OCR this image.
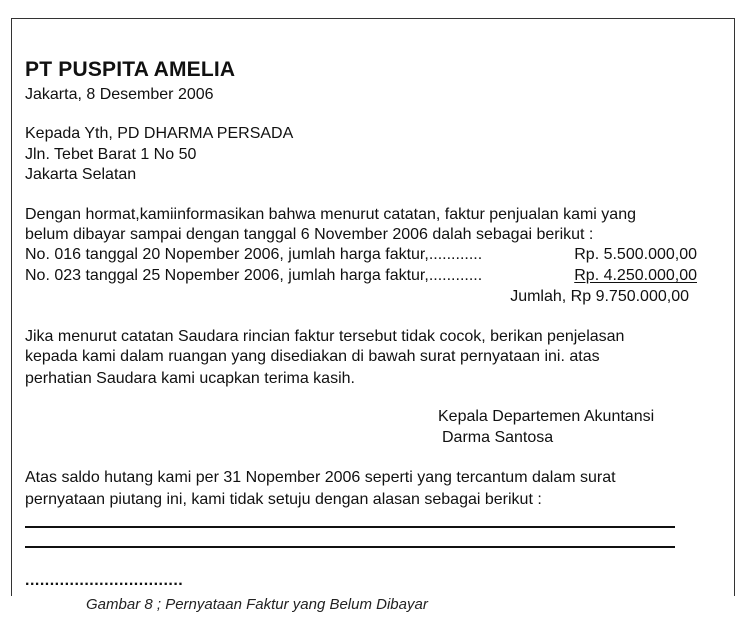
PT PUSPITA AMELIA
Jakarta, 8 Desember 2006
Kepada Yth, PD DHARMA PERSADA
Jln. Tebet Barat 1 No 50
Jakarta Selatan
Dengan hormat,kamiinformasikan bahwa menurut catatan, faktur penjualan kami yang
belum dibayar sampai dengan tanggal 6 November 2006 dalah sebagai berikut :
No. 016 tanggal 20 Nopember 2006, jumlah harga faktur,............	Rp. 5.500.000,00
No. 023 tanggal 25 Nopember 2006, jumlah harga faktur,............	Rp. 4.250.000,00
Jumlah, Rp 9.750.000,00
Jika menurut catatan Saudara rincian faktur tersebut tidak cocok, berikan penjelasan
kepada kami dalam ruangan yang disediakan di bawah surat pernyataan ini. atas
perhatian Saudara kami ucapkan terima kasih.
Kepala Departemen Akuntansi
Darma Santosa
Atas saldo hutang kami per 31 Nopember 2006 seperti yang tercantum dalam surat
pernyataan piutang ini, kami tidak setuju dengan alasan sebagai berikut :
................................
Gambar 8 ; Pernyataan Faktur yang Belum Dibayar
